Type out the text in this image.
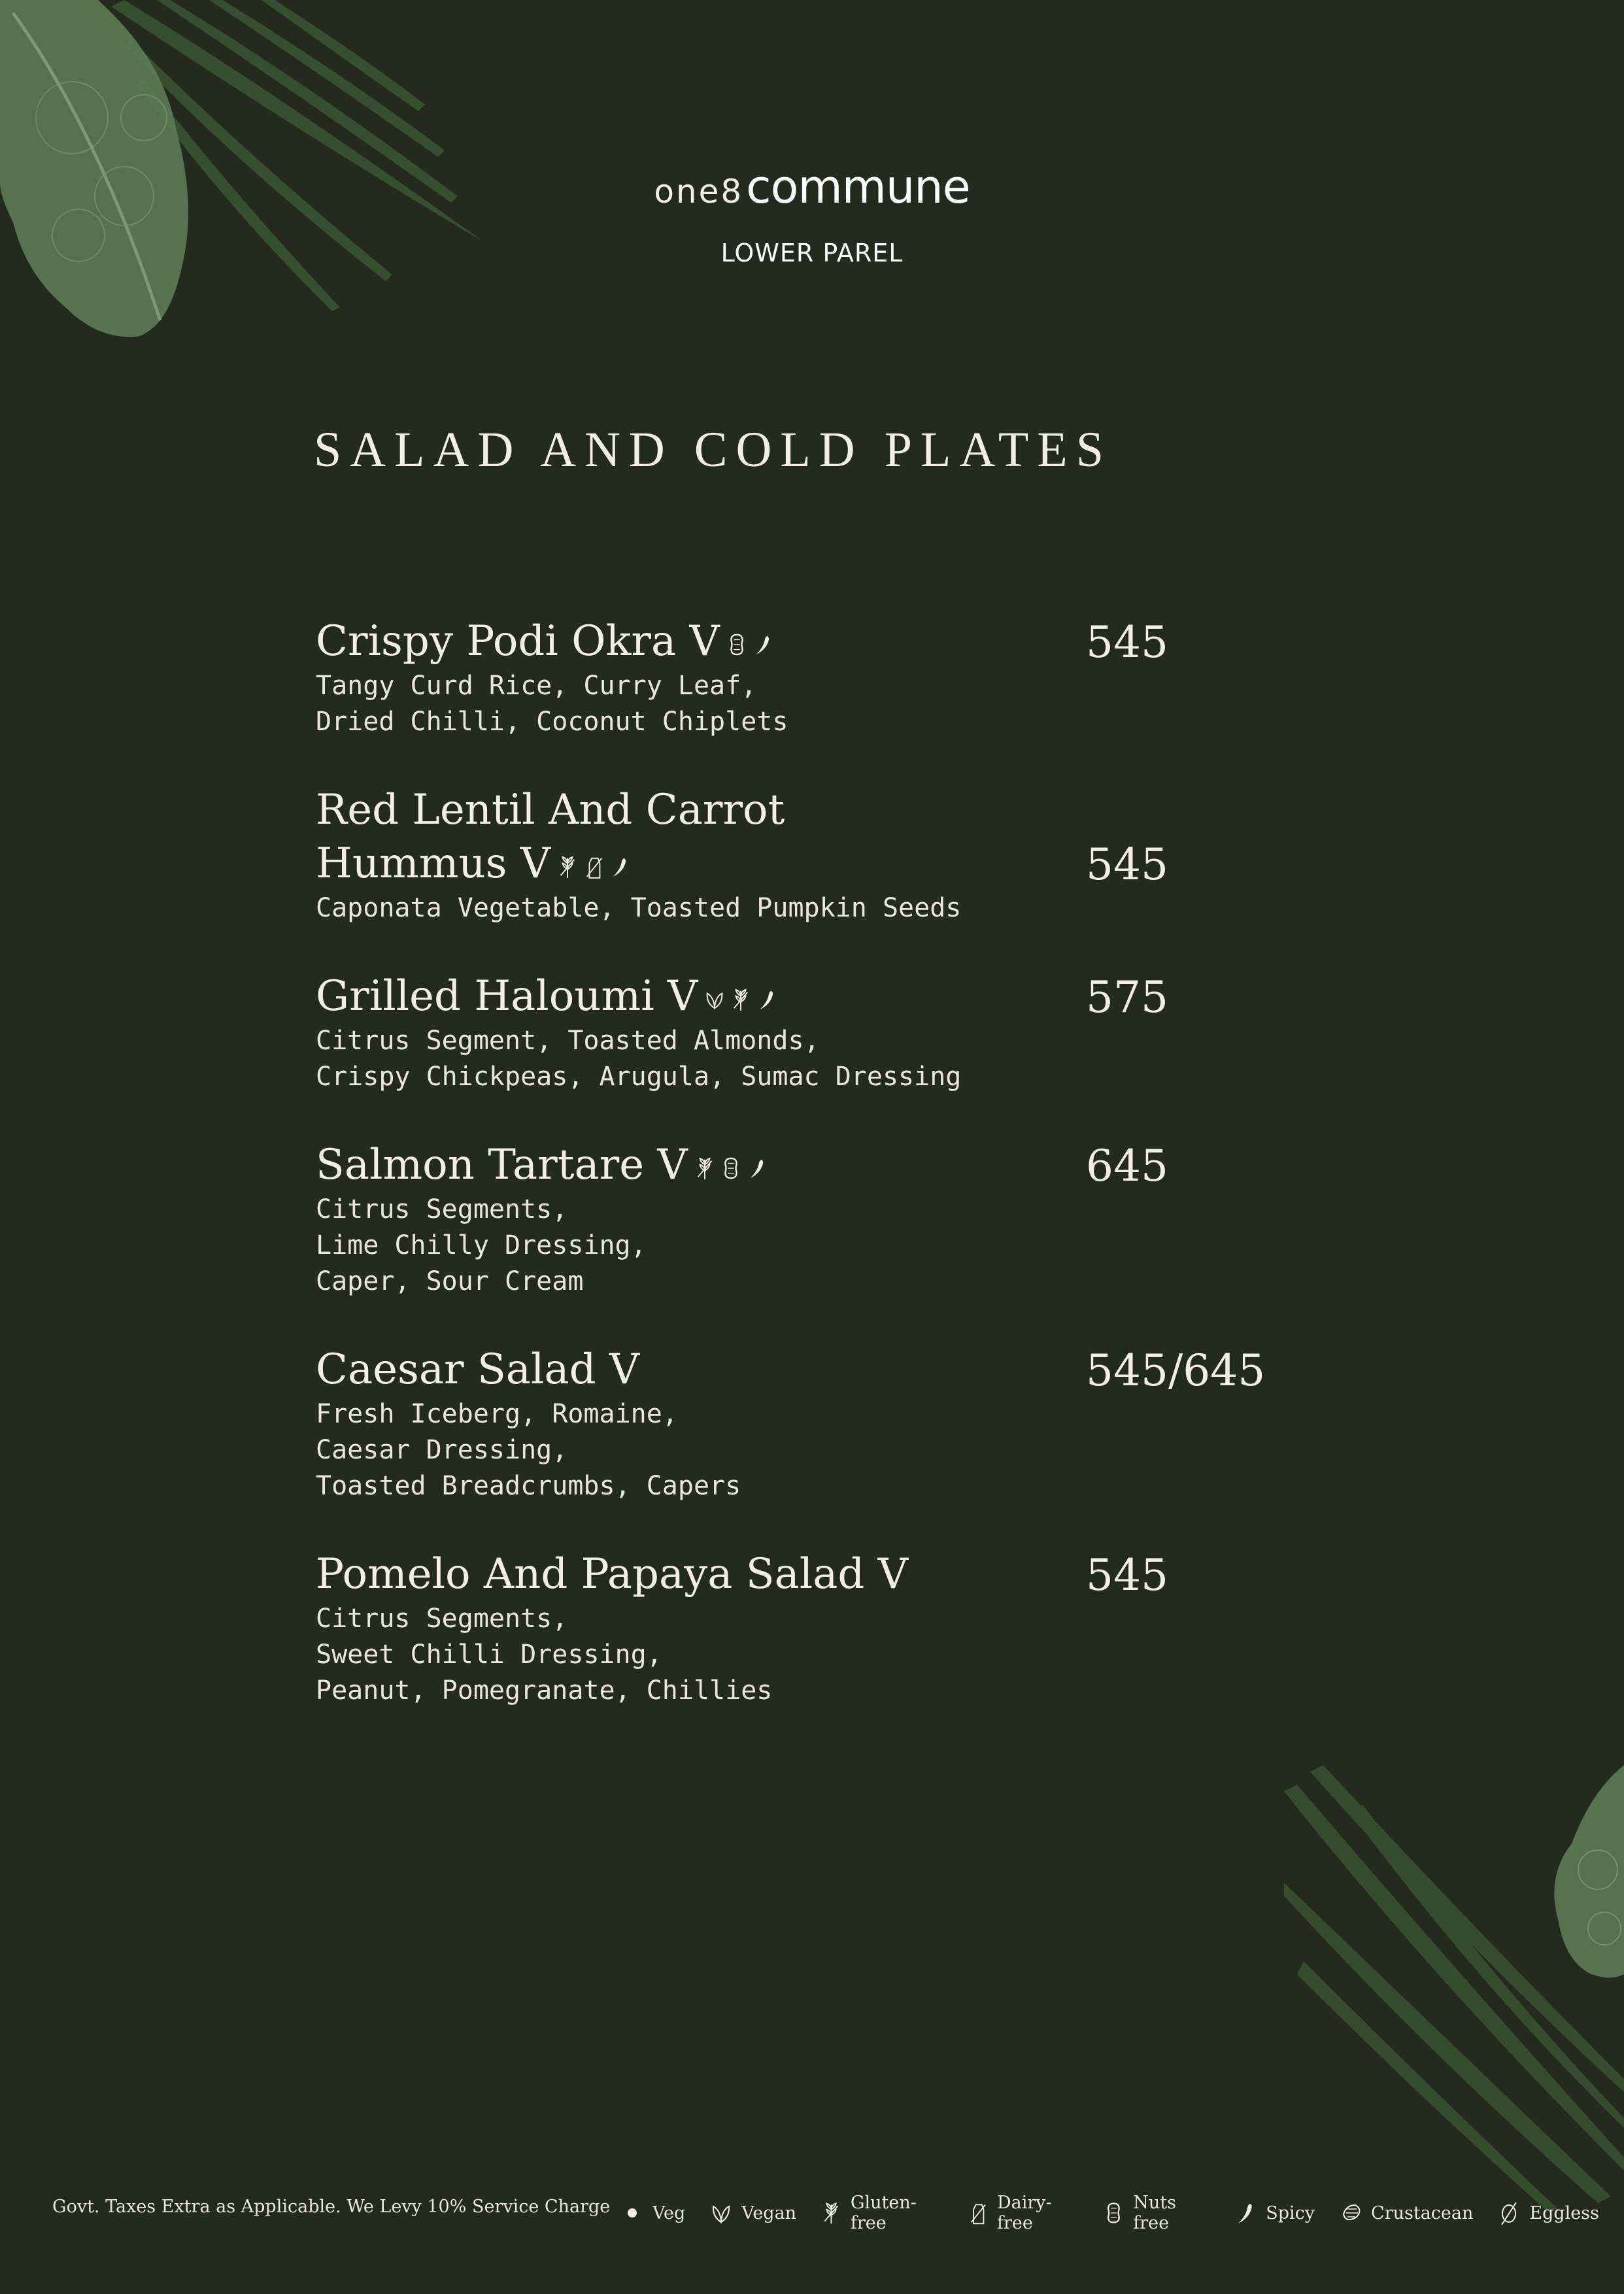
one8 commune
LOWER PAREL
SALAD AND COLD PLATES
Crispy Podi Okra V	545
Tangy Curd Rice, Curry Leaf,
Dried Chilli, Coconut Chiplets
Red Lentil And Carrot Hummus V	545
Caponata Vegetable, Toasted Pumpkin Seeds
Grilled Haloumi V	575
Citrus Segment, Toasted Almonds,
Crispy Chickpeas, Arugula, Sumac Dressing
Salmon Tartare V	645
Citrus Segments,
Lime Chilly Dressing,
Caper, Sour Cream
Caesar Salad V	545/645
Fresh Iceberg, Romaine,
Caesar Dressing,
Toasted Breadcrumbs, Capers
Pomelo And Papaya Salad V	545
Citrus Segments,
Sweet Chilli Dressing,
Peanut, Pomegranate, Chillies
Govt. Taxes Extra as Applicable. We Levy 10% Service Charge Veg	Vegan	Gluten-free
Dairy-free
Nuts free	Spicy	Crustacean	Eggless
